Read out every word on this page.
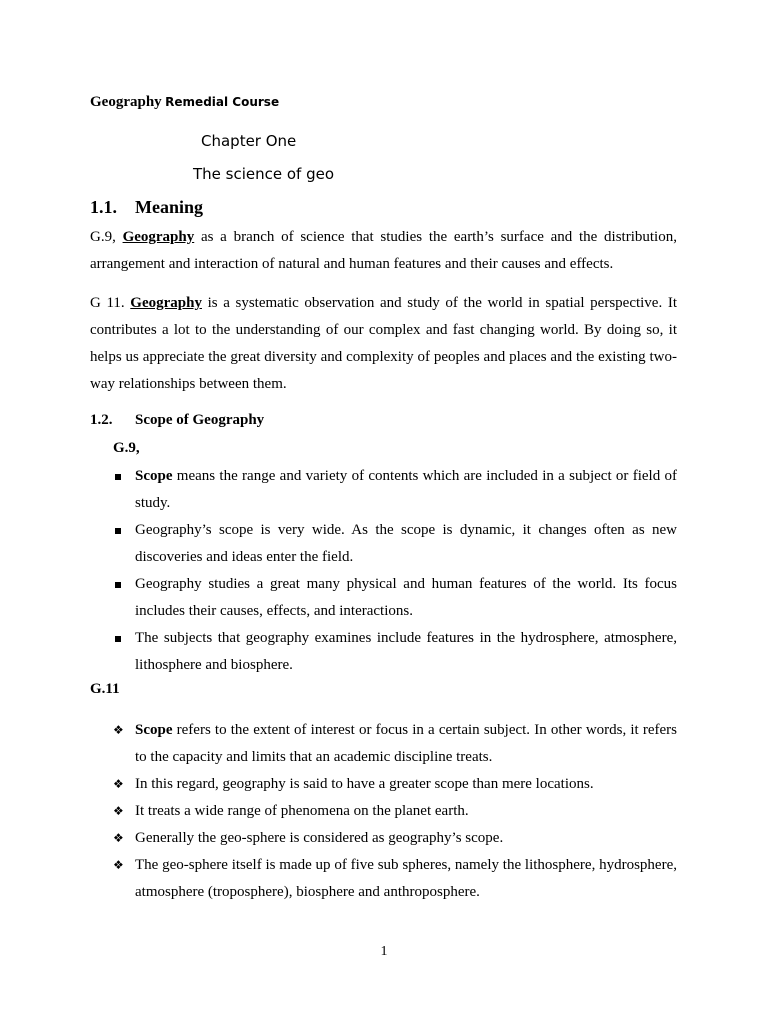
Geography Remedial Course
Chapter One
The science of geo
1.1. Meaning
G.9, Geography as a branch of science that studies the earth’s surface and the distribution, arrangement and interaction of natural and human features and their causes and effects.
G 11. Geography is a systematic observation and study of the world in spatial perspective. It contributes a lot to the understanding of our complex and fast changing world. By doing so, it helps us appreciate the great diversity and complexity of peoples and places and the existing two-way relationships between them.
1.2. Scope of Geography
G.9,
Scope means the range and variety of contents which are included in a subject or field of study.
Geography’s scope is very wide. As the scope is dynamic, it changes often as new discoveries and ideas enter the field.
Geography studies a great many physical and human features of the world. Its focus includes their causes, effects, and interactions.
The subjects that geography examines include features in the hydrosphere, atmosphere, lithosphere and biosphere.
G.11
❖ Scope refers to the extent of interest or focus in a certain subject. In other words, it refers to the capacity and limits that an academic discipline treats.
❖ In this regard, geography is said to have a greater scope than mere locations.
❖ It treats a wide range of phenomena on the planet earth.
❖ Generally the geo-sphere is considered as geography’s scope.
❖ The geo-sphere itself is made up of five sub spheres, namely the lithosphere, hydrosphere, atmosphere (troposphere), biosphere and anthroposphere.
1
